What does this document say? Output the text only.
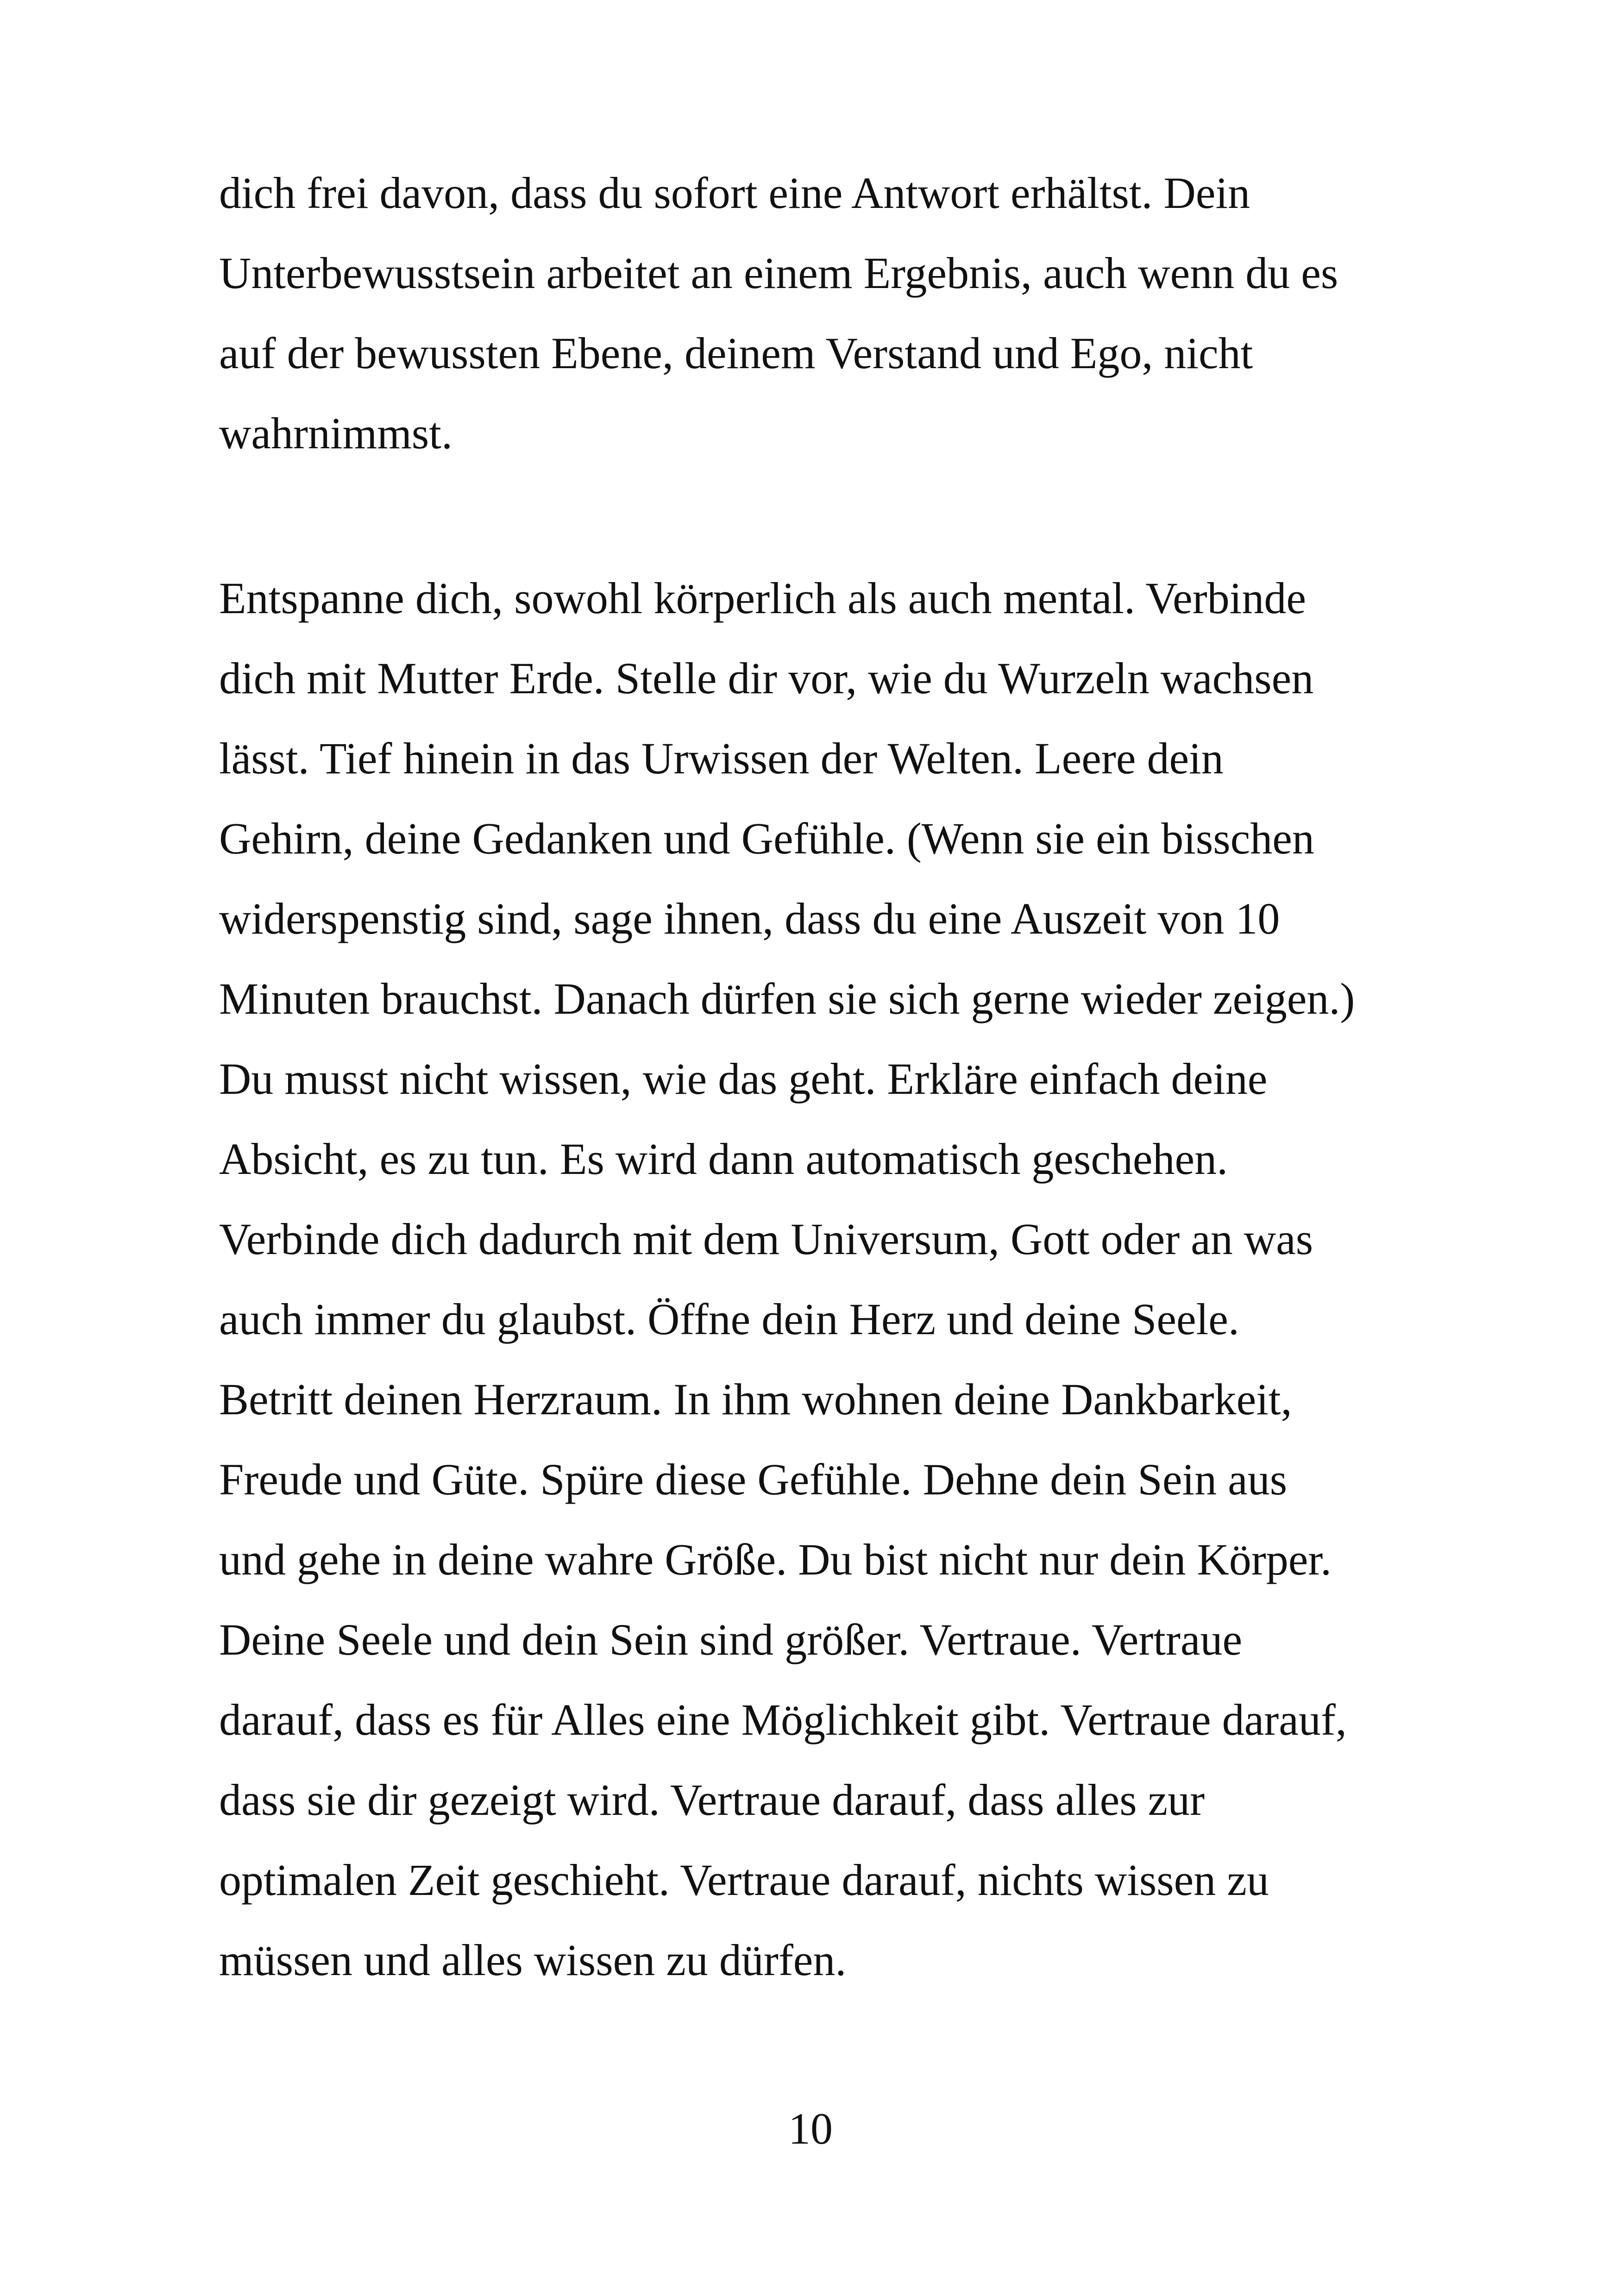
dich frei davon, dass du sofort eine Antwort erhältst. Dein
Unterbewusstsein arbeitet an einem Ergebnis, auch wenn du es
auf der bewussten Ebene, deinem Verstand und Ego, nicht
wahrnimmst.
Entspanne dich, sowohl körperlich als auch mental. Verbinde
dich mit Mutter Erde. Stelle dir vor, wie du Wurzeln wachsen
lässt. Tief hinein in das Urwissen der Welten. Leere dein
Gehirn, deine Gedanken und Gefühle. (Wenn sie ein bisschen
widerspenstig sind, sage ihnen, dass du eine Auszeit von 10
Minuten brauchst. Danach dürfen sie sich gerne wieder zeigen.)
Du musst nicht wissen, wie das geht. Erkläre einfach deine
Absicht, es zu tun. Es wird dann automatisch geschehen.
Verbinde dich dadurch mit dem Universum, Gott oder an was
auch immer du glaubst. Öffne dein Herz und deine Seele.
Betritt deinen Herzraum. In ihm wohnen deine Dankbarkeit,
Freude und Güte. Spüre diese Gefühle. Dehne dein Sein aus
und gehe in deine wahre Größe. Du bist nicht nur dein Körper.
Deine Seele und dein Sein sind größer. Vertraue. Vertraue
darauf, dass es für Alles eine Möglichkeit gibt. Vertraue darauf,
dass sie dir gezeigt wird. Vertraue darauf, dass alles zur
optimalen Zeit geschieht. Vertraue darauf, nichts wissen zu
müssen und alles wissen zu dürfen.
10
